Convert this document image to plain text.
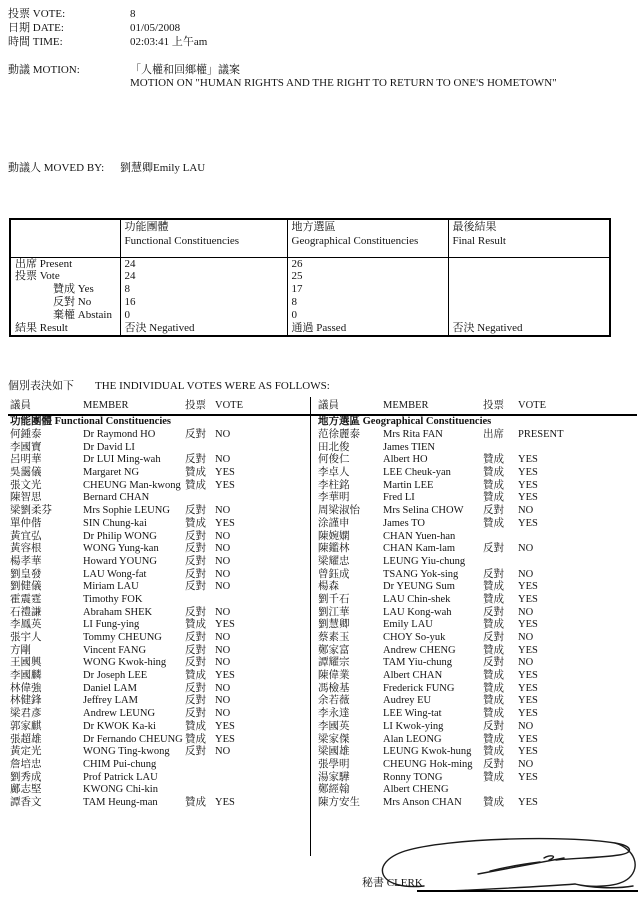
投票 VOTE:	8
日期 DATE:	01/05/2008
時間 TIME:	02:03:41 上午am
動議 MOTION:	「人權和回鄉權」議案
MOTION ON "HUMAN RIGHTS AND THE RIGHT TO RETURN TO ONE'S HOMETOWN"
動議人 MOVED BY:	劉慧卿Emily LAU

功能團體
Functional Constituencies

地方選區
Geographical Constituencies

最後結果
Final Result

出席 Present	24	26	
投票 Vote	24	25	
贊成 Yes	8	17	
反對 No	16	8	
棄權 Abstain	0	0	
結果 Result	否決 Negatived	通過 Passed	否決 Negatived
個別表決如下 THE INDIVIDUAL VOTES WERE AS FOLLOWS:
議員	MEMBER	投票 VOTE
功能團體 Functional Constituencies
何鍾泰	Dr Raymond HO	反對 NO
李國寶	Dr David LI
呂明華	Dr LUI Ming-wah	反對 NO
吳靄儀	Margaret NG	贊成 YES
張文光	CHEUNG Man-kwong 贊成 YES
陳智思	Bernard CHAN
梁劉柔芬	Mrs Sophie LEUNG	反對 NO
單仲偕	SIN Chung-kai	贊成 YES
黃宜弘	Dr Philip WONG	反對 NO
黃容根	WONG Yung-kan	反對 NO
楊孝華	Howard YOUNG	反對 NO
劉皇發	LAU Wong-fat	反對 NO
劉健儀	Miriam LAU	反對 NO
霍震霆	Timothy FOK
石禮謙	Abraham SHEK	反對 NO
李鳳英	LI Fung-ying	贊成 YES
張宇人	Tommy CHEUNG	反對 NO
方剛	Vincent FANG	反對 NO
王國興	WONG Kwok-hing	反對 NO
李國麟	Dr Joseph LEE	贊成 YES
林偉強	Daniel LAM	反對 NO
林健鋒	Jeffrey LAM	反對 NO
梁君彥	Andrew LEUNG	反對 NO
郭家麒	Dr KWOK Ka-ki	贊成 YES
張超雄	Dr Fernando CHEUNG 贊成 YES
黃定光	WONG Ting-kwong	反對 NO
詹培忠	CHIM Pui-chung
劉秀成	Prof Patrick LAU
鄺志堅	KWONG Chi-kin
譚香文	TAM Heung-man	贊成 YES
議員	MEMBER	投票	VOTE
地方選區 Geographical Constituencies
范徐麗泰	Mrs Rita FAN	出席	PRESENT
田北俊	James TIEN
何俊仁	Albert HO	贊成	YES
李卓人	LEE Cheuk-yan	贊成	YES
李柱銘	Martin LEE	贊成	YES
李華明	Fred LI	贊成	YES
周梁淑怡	Mrs Selina CHOW	反對	NO
涂謹申	James TO	贊成	YES
陳婉嫻	CHAN Yuen-han
陳鑑林	CHAN Kam-lam	反對	NO
梁耀忠	LEUNG Yiu-chung
曾鈺成	TSANG Yok-sing	反對	NO
楊森	Dr YEUNG Sum	贊成	YES
劉千石	LAU Chin-shek	贊成	YES
劉江華	LAU Kong-wah	反對	NO
劉慧卿	Emily LAU	贊成	YES
蔡素玉	CHOY So-yuk	反對	NO
鄭家富	Andrew CHENG	贊成	YES
譚耀宗	TAM Yiu-chung	反對	NO
陳偉業	Albert CHAN	贊成	YES
馮檢基	Frederick FUNG	贊成	YES
余若薇	Audrey EU	贊成	YES
李永達	LEE Wing-tat	贊成	YES
李國英	LI Kwok-ying	反對	NO
梁家傑	Alan LEONG	贊成	YES
梁國雄	LEUNG Kwok-hung	贊成	YES
張學明	CHEUNG Hok-ming 反對	NO
湯家驊	Ronny TONG	贊成	YES
鄭經翰	Albert CHENG
陳方安生	Mrs Anson CHAN	贊成	YES
秘書 CLERK
